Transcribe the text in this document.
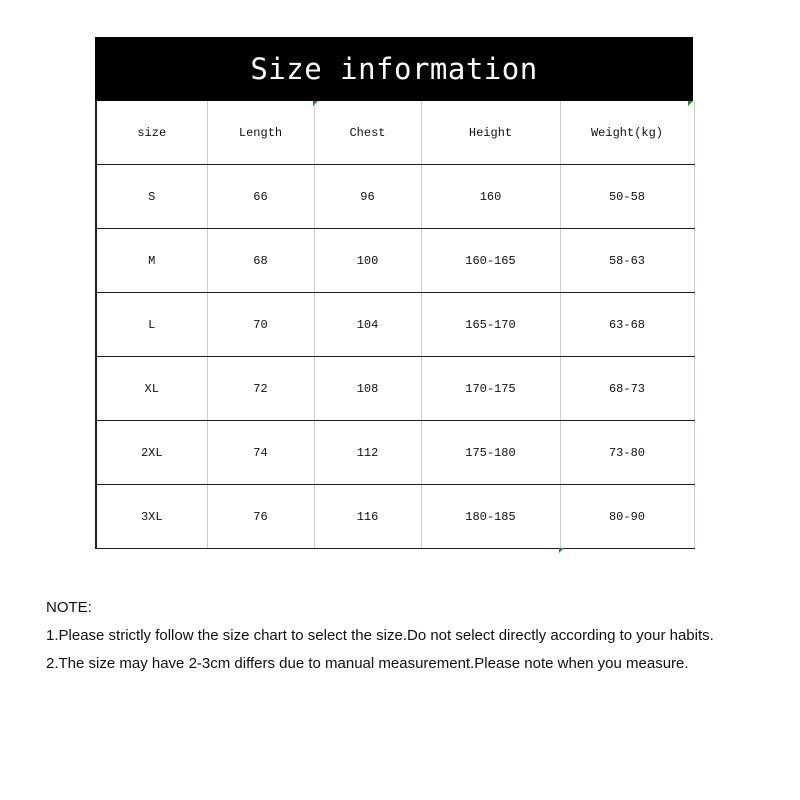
Size information
size	Length	Chest	Height	Weight(kg)
S	66	96	160	50-58
M	68	100	160-165	58-63
L	70	104	165-170	63-68
XL	72	108	170-175	68-73
2XL	74	112	175-180	73-80
3XL	76	116	180-185	80-90
NOTE:
1.Please strictly follow the size chart to select the size.Do not select directly according to your habits.
2.The size may have 2-3cm differs due to manual measurement.Please note when you measure.
